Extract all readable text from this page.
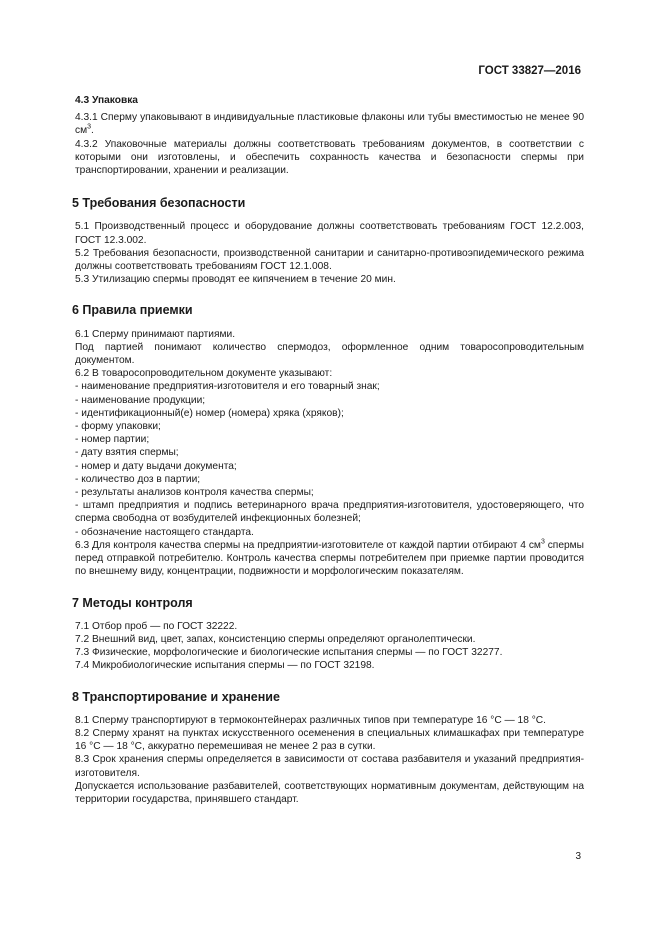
ГОСТ 33827—2016
4.3 Упаковка

4.3.1 Сперму упаковывают в индивидуальные пластиковые флаконы или тубы вместимостью не менее 90 $см^3$.

4.3.2 Упаковочные материалы должны соответствовать требованиям документов, в соответствии с которыми они изготовлены, и обеспечить сохранность качества и безопасности спермы при транспортировании, хранении и реализации.

5 Требования безопасности

5.1 Производственный процесс и оборудование должны соответствовать требованиям ГОСТ 12.2.003, ГОСТ 12.3.002.

5.2 Требования безопасности, производственной санитарии и санитарно-противоэпидемического режима должны соответствовать требованиям ГОСТ 12.1.008.

5.3 Утилизацию спермы проводят ее кипячением в течение 20 мин.

6 Правила приемки

6.1 Сперму принимают партиями.

Под партией понимают количество спермодоз, оформленное одним товаросопроводительным документом.

6.2 В товаросопроводительном документе указывают:

- наименование предприятия-изготовителя и его товарный знак;

- наименование продукции;

- идентификационный(е) номер (номера) хряка (хряков);

- форму упаковки;

- номер партии;

- дату взятия спермы;

- номер и дату выдачи документа;

- количество доз в партии;

- результаты анализов контроля качества спермы;

- штамп предприятия и подпись ветеринарного врача предприятия-изготовителя, удостоверяющего, что сперма свободна от возбудителей инфекционных болезней;

- обозначение настоящего стандарта.

6.3 Для контроля качества спермы на предприятии-изготовителе от каждой партии отбирают 4 $см^3$ спермы перед отправкой потребителю. Контроль качества спермы потребителем при приемке партии проводится по внешнему виду, концентрации, подвижности и морфологическим показателям.

7 Методы контроля

7.1 Отбор проб — по ГОСТ 32222.

7.2 Внешний вид, цвет, запах, консистенцию спермы определяют органолептически.

7.3 Физические, морфологические и биологические испытания спермы — по ГОСТ 32277.

7.4 Микробиологические испытания спермы — по ГОСТ 32198.

8 Транспортирование и хранение

8.1 Сперму транспортируют в термоконтейнерах различных типов при температуре 16 °С — 18 °С.

8.2 Сперму хранят на пунктах искусственного осеменения в специальных климашкафах при температуре 16 °С — 18 °С, аккуратно перемешивая не менее 2 раз в сутки.

8.3 Срок хранения спермы определяется в зависимости от состава разбавителя и указаний предприятия-изготовителя.

Допускается использование разбавителей, соответствующих нормативным документам, действующим на территории государства, принявшего стандарт.

3
